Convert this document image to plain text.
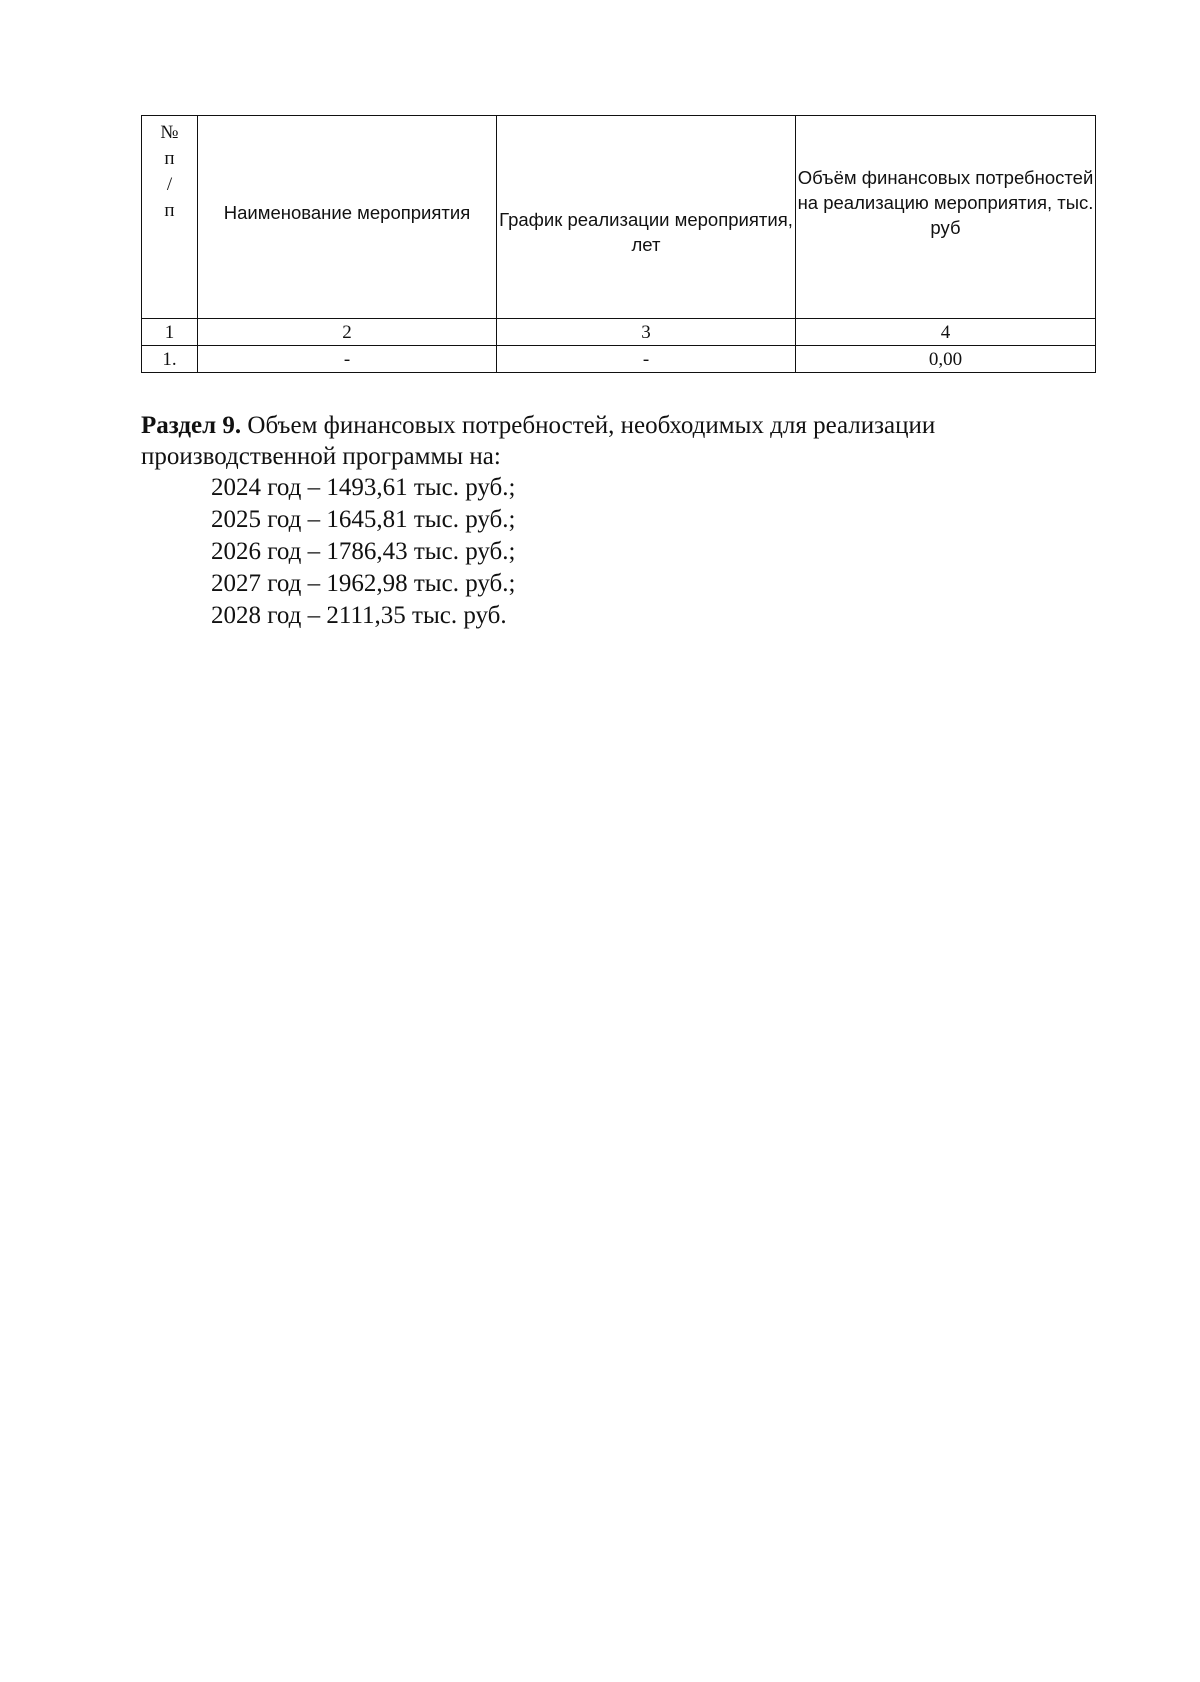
№
п
/
п	Наименование мероприятия	График реализации мероприятия, лет	Объём финансовых потребностей на реализацию мероприятия, тыс. руб
1	2	3	4
1.	-	-	0,00

Раздел 9. Объем финансовых потребностей, необходимых для реализации производственной программы на:

2024 год – 1493,61 тыс. руб.;
2025 год – 1645,81 тыс. руб.;
2026 год – 1786,43 тыс. руб.;
2027 год – 1962,98 тыс. руб.;
2028 год – 2111,35 тыс. руб.
